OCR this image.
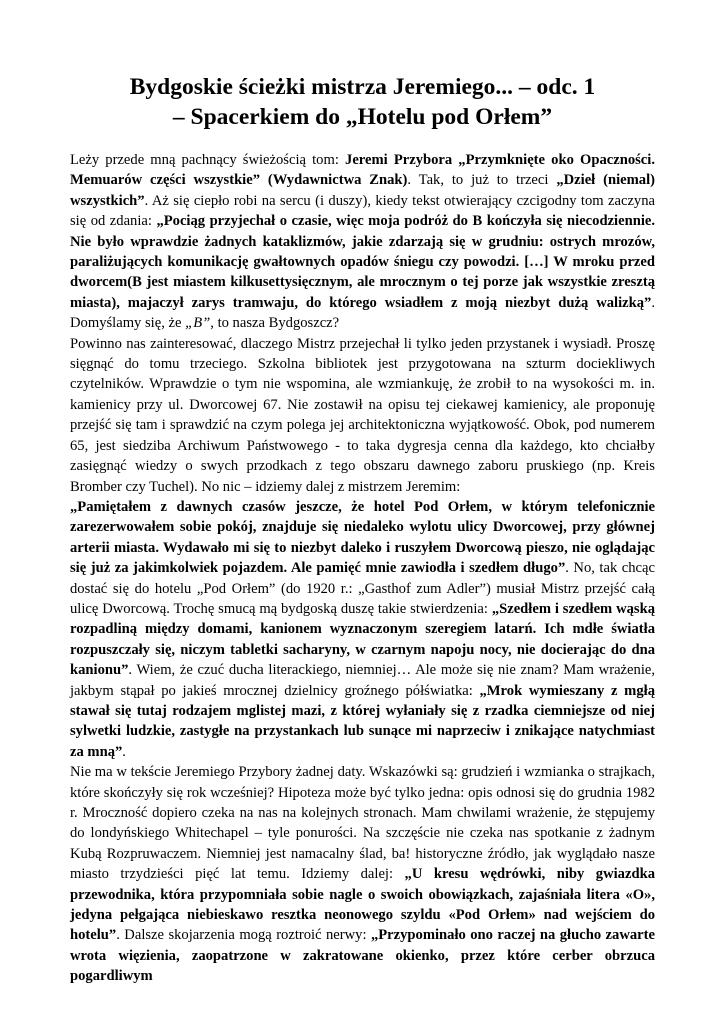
Bydgoskie ścieżki mistrza Jeremiego... – odc. 1
– Spacerkiem do „Hotelu pod Orłem”

Leży przede mną pachnący świeżością tom: Jeremi Przybora „Przymknięte oko Opaczności. Memuarów części wszystkie” (Wydawnictwa Znak). Tak, to już to trzeci „Dzieł (niemal) wszystkich”. Aż się ciepło robi na sercu (i duszy), kiedy tekst otwierający czcigodny tom zaczyna się od zdania: „Pociąg przyjechał o czasie, więc moja podróż do B kończyła się niecodziennie. Nie było wprawdzie żadnych kataklizmów, jakie zdarzają się w grudniu: ostrych mrozów, paraliżujących komunikację gwałtownych opadów śniegu czy powodzi. […] W mroku przed dworcem(B jest miastem kilkusettysięcznym, ale mrocznym o tej porze jak wszystkie zresztą miasta), majaczył zarys tramwaju, do którego wsiadłem z moją niezbyt dużą walizką”. Domyślamy się, że „B”, to nasza Bydgoszcz?

Powinno nas zainteresować, dlaczego Mistrz przejechał li tylko jeden przystanek i wysiadł. Proszę sięgnąć do tomu trzeciego. Szkolna bibliotek jest przygotowana na szturm dociekliwych czytelników. Wprawdzie o tym nie wspomina, ale wzmiankuję, że zrobił to na wysokości m. in. kamienicy przy ul. Dworcowej 67. Nie zostawił na opisu tej ciekawej kamienicy, ale proponuję przejść się tam i sprawdzić na czym polega jej architektoniczna wyjątkowość. Obok, pod numerem 65, jest siedziba Archiwum Państwowego - to taka dygresja cenna dla każdego, kto chciałby zasięgnąć wiedzy o swych przodkach z tego obszaru dawnego zaboru pruskiego (np. Kreis Bromber czy Tuchel). No nic – idziemy dalej z mistrzem Jeremim:

„Pamiętałem z dawnych czasów jeszcze, że hotel Pod Orłem, w którym telefonicznie zarezerwowałem sobie pokój, znajduje się niedaleko wylotu ulicy Dworcowej, przy głównej arterii miasta. Wydawało mi się to niezbyt daleko i ruszyłem Dworcową pieszo, nie oglądając się już za jakimkolwiek pojazdem. Ale pamięć mnie zawiodła i szedłem długo”. No, tak chcąc dostać się do hotelu „Pod Orłem” (do 1920 r.: „Gasthof zum Adler”) musiał Mistrz przejść całą ulicę Dworcową. Trochę smucą mą bydgoską duszę takie stwierdzenia: „Szedłem i szedłem wąską rozpadliną między domami, kanionem wyznaczonym szeregiem latarń. Ich mdłe światła rozpuszczały się, niczym tabletki sacharyny, w czarnym napoju nocy, nie docierając do dna kanionu”. Wiem, że czuć ducha literackiego, niemniej… Ale może się nie znam? Mam wrażenie, jakbym stąpał po jakieś mrocznej dzielnicy groźnego półświatka: „Mrok wymieszany z mgłą stawał się tutaj rodzajem mglistej mazi, z której wyłaniały się z rzadka ciemniejsze od niej sylwetki ludzkie, zastygłe na przystankach lub sunące mi naprzeciw i znikające natychmiast za mną”.

Nie ma w tekście Jeremiego Przybory żadnej daty. Wskazówki są: grudzień i wzmianka o strajkach, które skończyły się rok wcześniej? Hipoteza może być tylko jedna: opis odnosi się do grudnia 1982 r. Mroczność dopiero czeka na nas na kolejnych stronach. Mam chwilami wrażenie, że stępujemy do londyńskiego Whitechapel – tyle ponurości. Na szczęście nie czeka nas spotkanie z żadnym Kubą Rozpruwaczem. Niemniej jest namacalny ślad, ba! historyczne źródło, jak wyglądało nasze miasto trzydzieści pięć lat temu. Idziemy dalej: „U kresu wędrówki, niby gwiazdka przewodnika, która przypomniała sobie nagle o swoich obowiązkach, zajaśniała litera «O», jedyna pełgająca niebieskawo resztka neonowego szyldu «Pod Orłem» nad wejściem do hotelu”. Dalsze skojarzenia mogą roztroić nerwy: „Przypominało ono raczej na głucho zawarte wrota więzienia, zaopatrzone w zakratowane okienko, przez które cerber obrzuca pogardliwym
